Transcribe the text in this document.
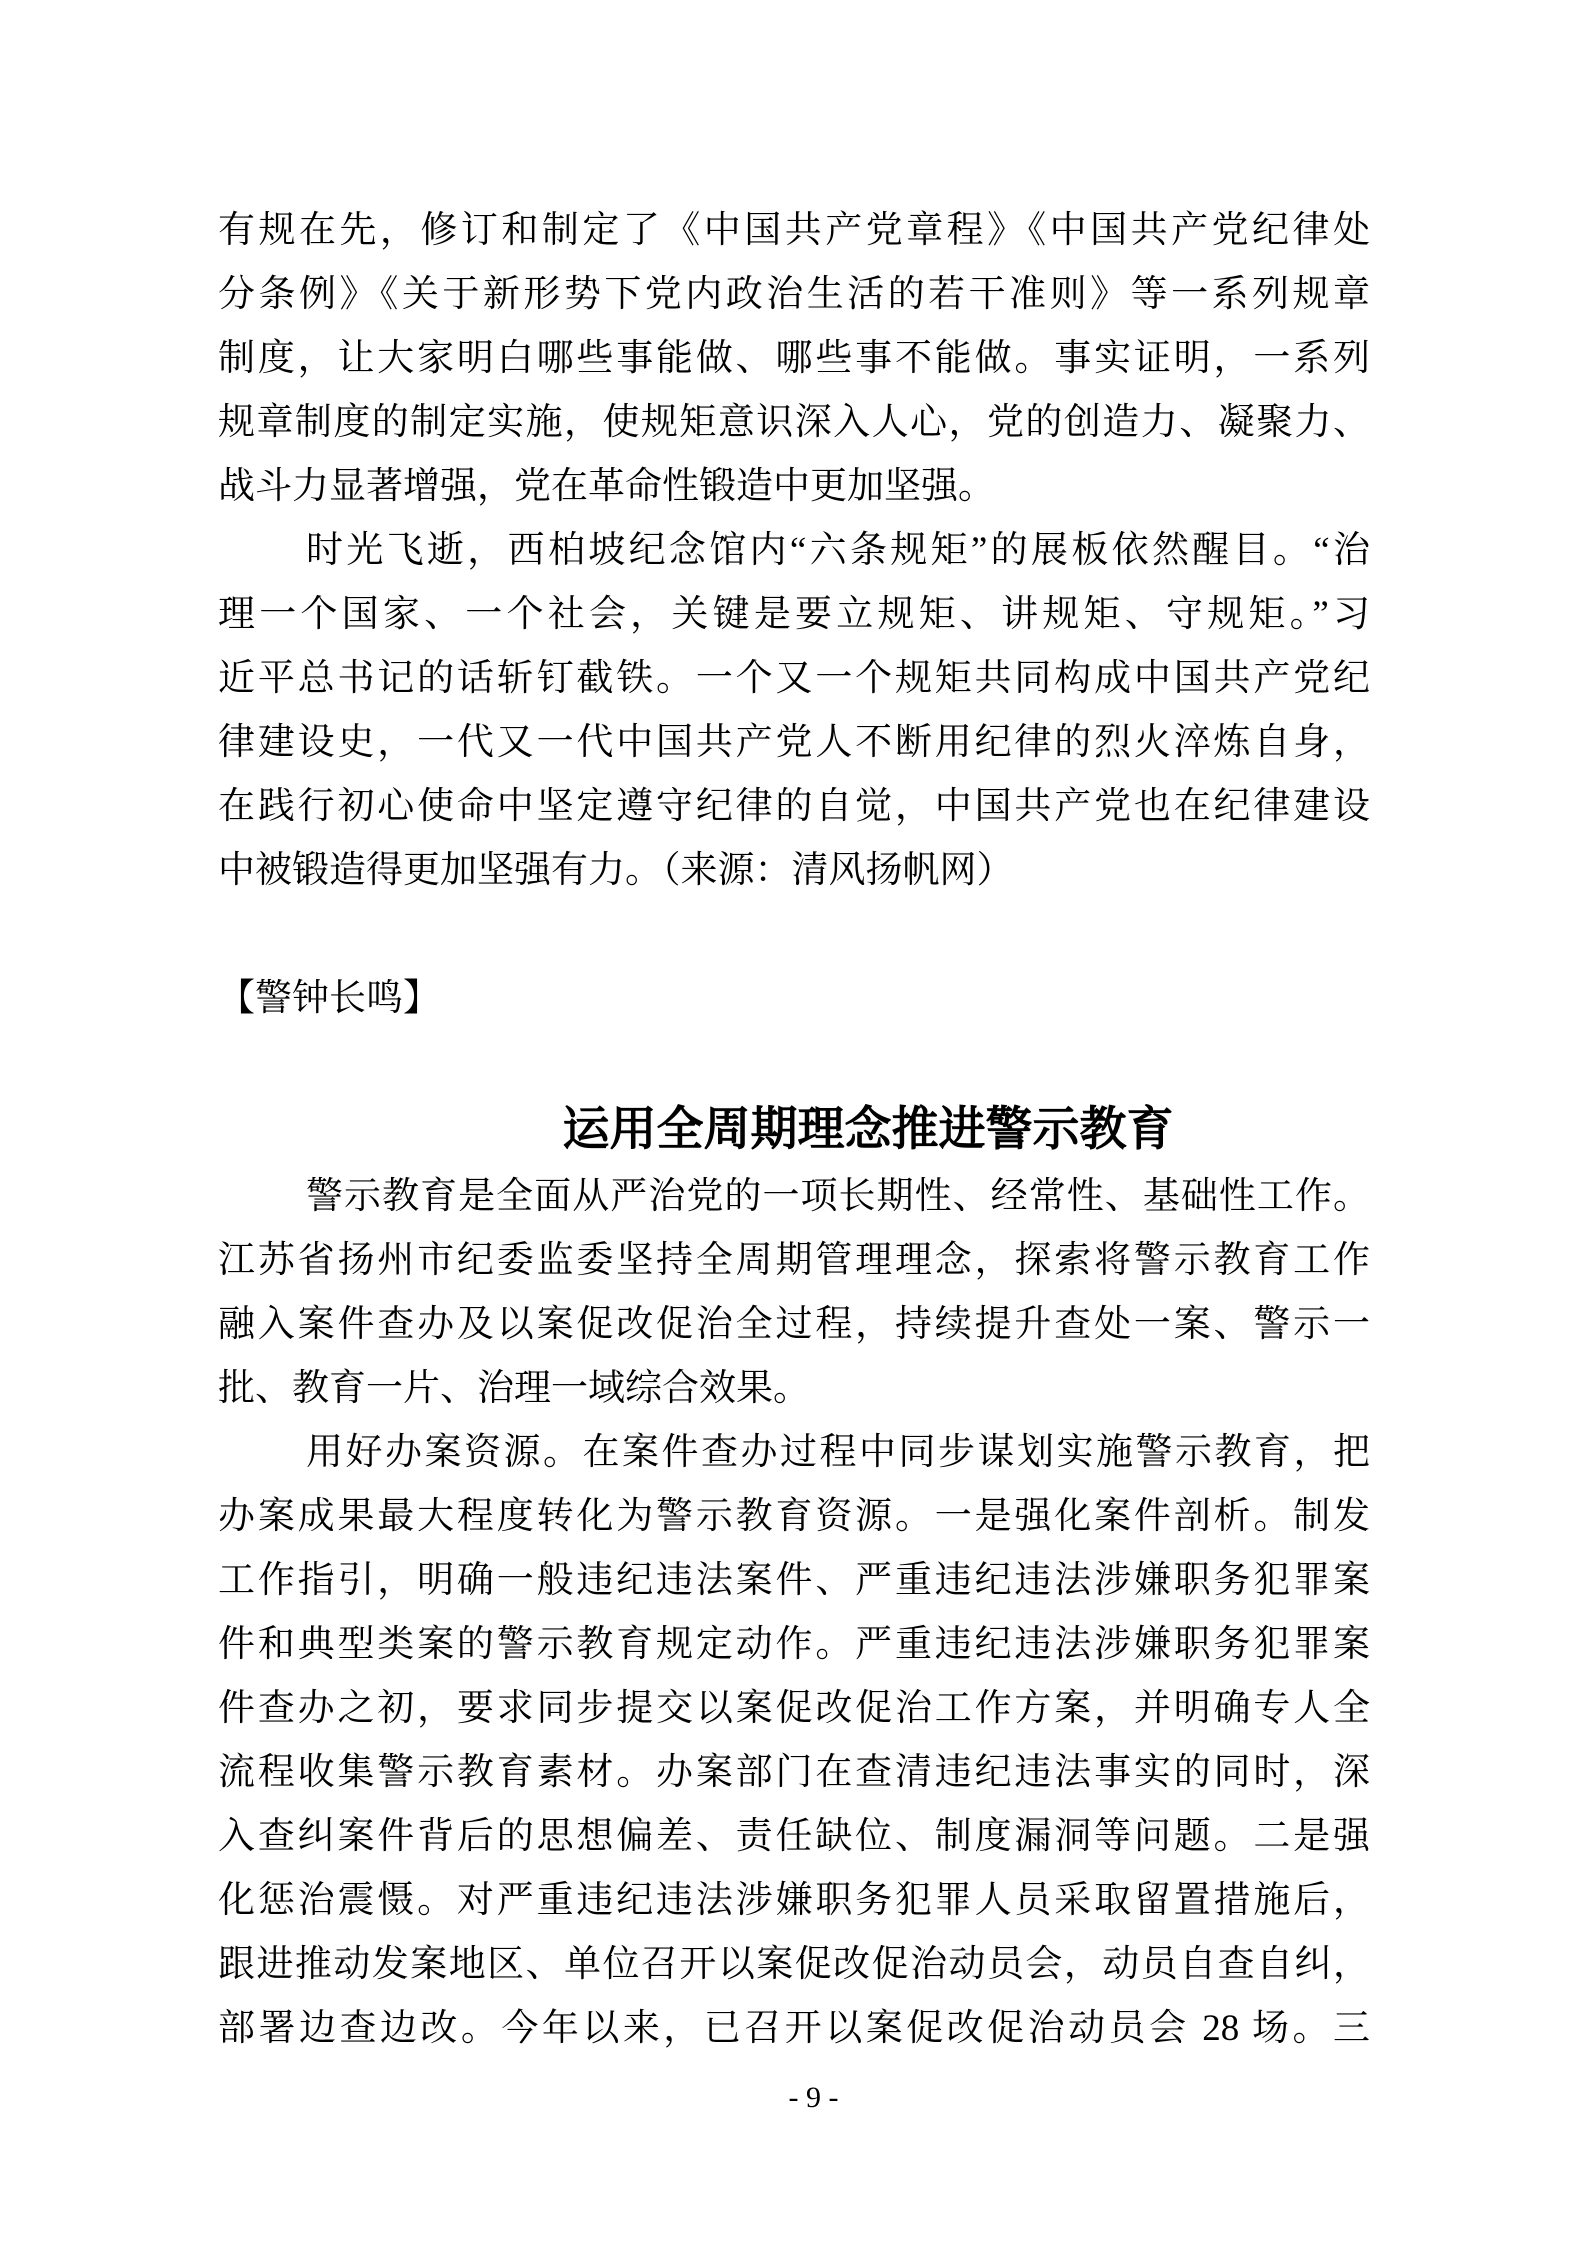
有规在先，修订和制定了《中国共产党章程》《中国共产党纪律处
分条例》《关于新形势下党内政治生活的若干准则》等一系列规章
制度，让大家明白哪些事能做、哪些事不能做。事实证明，一系列
规章制度的制定实施，使规矩意识深入人心，党的创造力、凝聚力、
战斗力显著增强，党在革命性锻造中更加坚强。
时光飞逝，西柏坡纪念馆内“六条规矩”的展板依然醒目。“治
理一个国家、一个社会，关键是要立规矩、讲规矩、守规矩。”习
近平总书记的话斩钉截铁。一个又一个规矩共同构成中国共产党纪
律建设史，一代又一代中国共产党人不断用纪律的烈火淬炼自身，
在践行初心使命中坚定遵守纪律的自觉，中国共产党也在纪律建设
中被锻造得更加坚强有力。（来源：清风扬帆网）
【警钟长鸣】
运用全周期理念推进警示教育
警示教育是全面从严治党的一项长期性、经常性、基础性工作。
江苏省扬州市纪委监委坚持全周期管理理念，探索将警示教育工作
融入案件查办及以案促改促治全过程，持续提升查处一案、警示一
批、教育一片、治理一域综合效果。
用好办案资源。在案件查办过程中同步谋划实施警示教育，把
办案成果最大程度转化为警示教育资源。一是强化案件剖析。制发
工作指引，明确一般违纪违法案件、严重违纪违法涉嫌职务犯罪案
件和典型类案的警示教育规定动作。严重违纪违法涉嫌职务犯罪案
件查办之初，要求同步提交以案促改促治工作方案，并明确专人全
流程收集警示教育素材。办案部门在查清违纪违法事实的同时，深
入查纠案件背后的思想偏差、责任缺位、制度漏洞等问题。二是强
化惩治震慑。对严重违纪违法涉嫌职务犯罪人员采取留置措施后，
跟进推动发案地区、单位召开以案促改促治动员会，动员自查自纠，
部署边查边改。今年以来，已召开以案促改促治动员会 28 场。三
- 9 -
